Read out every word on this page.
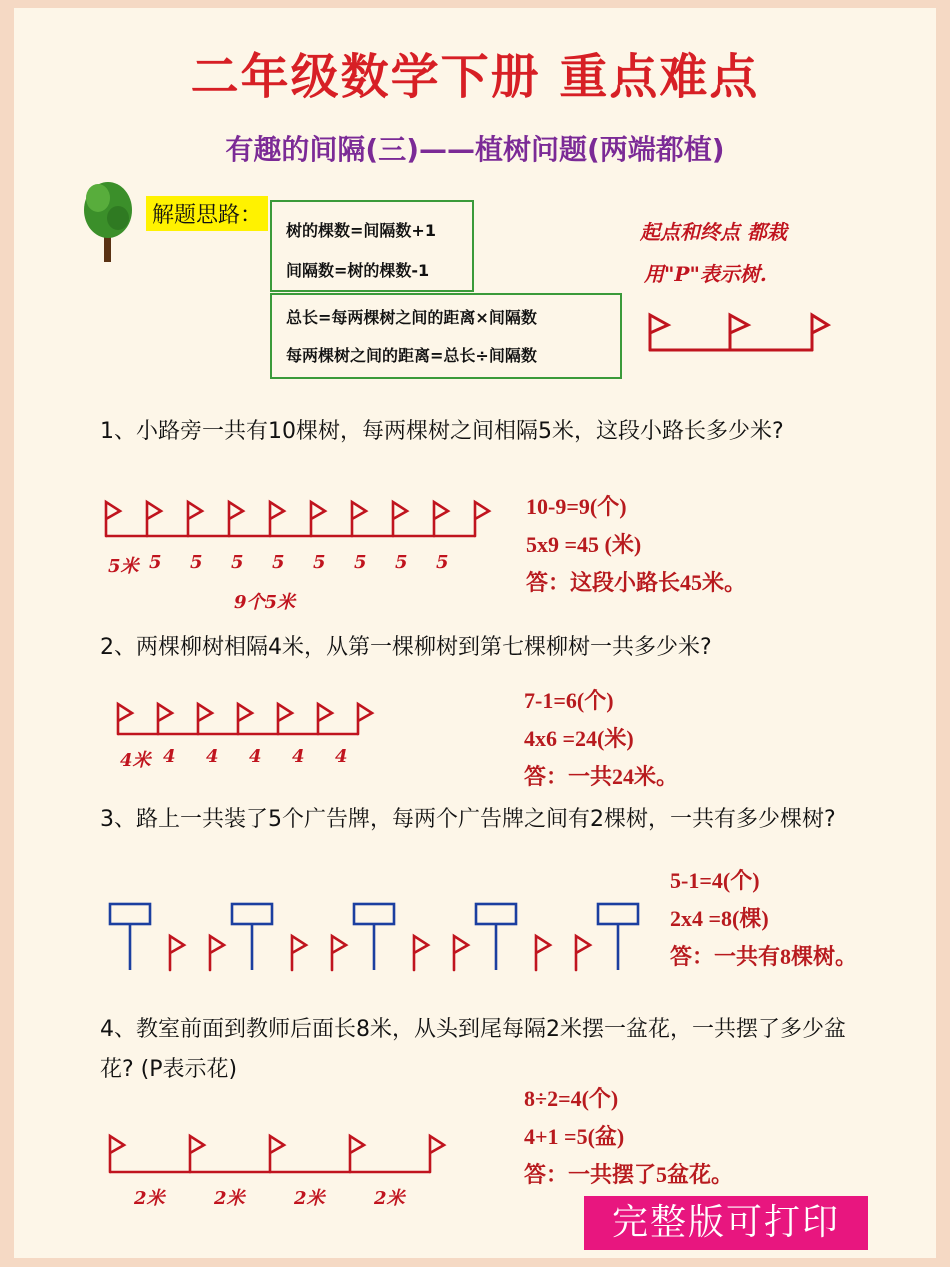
二年级数学下册 重点难点
有趣的间隔(三)——植树问题(两端都植)
解题思路：
树的棵数=间隔数+1
间隔数=树的棵数-1
总长=每两棵树之间的距离×间隔数
每两棵树之间的距离=总长÷间隔数
起点和终点 都栽
用"P"表示树.
1、小路旁一共有10棵树，每两棵树之间相隔5米，这段小路长多少米?
5米 5 5 5 5 5 5 5 5
9个5米
10-9=9(个)
5x9 =45 (米)
答：这段小路长45米。
2、两棵柳树相隔4米，从第一棵柳树到第七棵柳树一共多少米?
4米 4 4 4 4 4
7-1=6(个)
4x6 =24(米)
答：一共24米。
3、路上一共装了5个广告牌，每两个广告牌之间有2棵树，一共有多少棵树?
5-1=4(个)
2x4 =8(棵)
答：一共有8棵树。
4、教室前面到教师后面长8米，从头到尾每隔2米摆一盆花，一共摆了多少盆花? (P表示花)
2米	2米	2米	2米
8÷2=4(个)
4+1 =5(盆)
答：一共摆了5盆花。
完整版可打印
